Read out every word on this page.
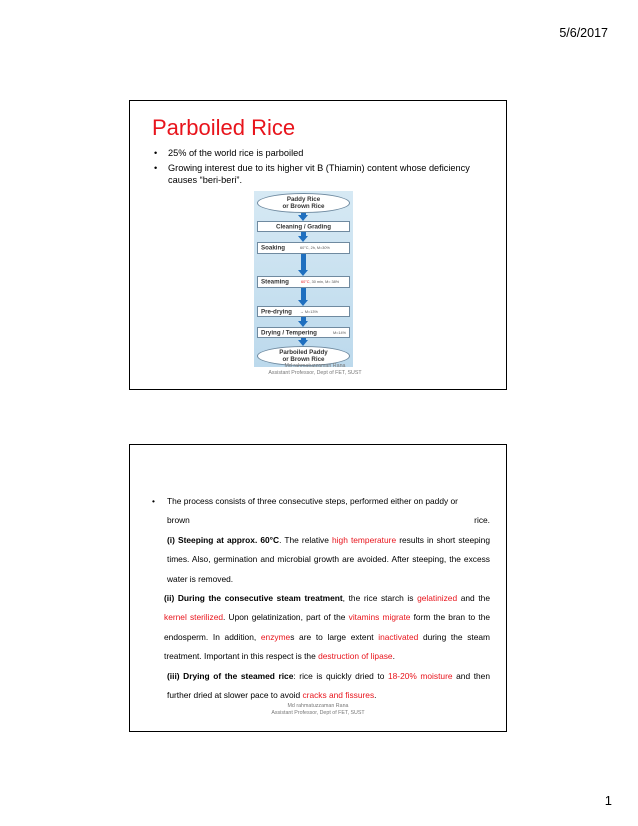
5/6/2017
Parboiled Rice
• 25% of the world rice is parboiled
• Growing interest due to its higher vit B (Thiamin) content whose deficiency causes “beri-beri”.
Paddy Rice
or Brown Rice
Cleaning / Grading
Soaking	60°C, 2h, M=30%
Steaming	60°C, 30 min, M= 38%
Pre-drying → M=13%
Drying / Tempering	M=14%
Parboiled Paddy
or Brown Rice
Md rahmatuzzaman Rana
Assistant Professor, Dept of FET, SUST

• The process consists of three consecutive steps, performed either on paddy or

brown	rice.

(i) Steeping at approx. 60°C. The relative high temperature results in short steeping times. Also, germination and microbial growth are avoided. After steeping, the excess water is removed.

(ii) During the consecutive steam treatment, the rice starch is gelatinized and the kernel sterilized. Upon gelatinization, part of the vitamins migrate form the bran to the endosperm. In addition, enzymes are to large extent inactivated during the steam treatment. Important in this respect is the destruction of lipase.

(iii) Drying of the steamed rice: rice is quickly dried to 18-20% moisture and then further dried at slower pace to avoid cracks and fissures.

Md rahmatuzzaman Rana
Assistant Professor, Dept of FET, SUST
1
